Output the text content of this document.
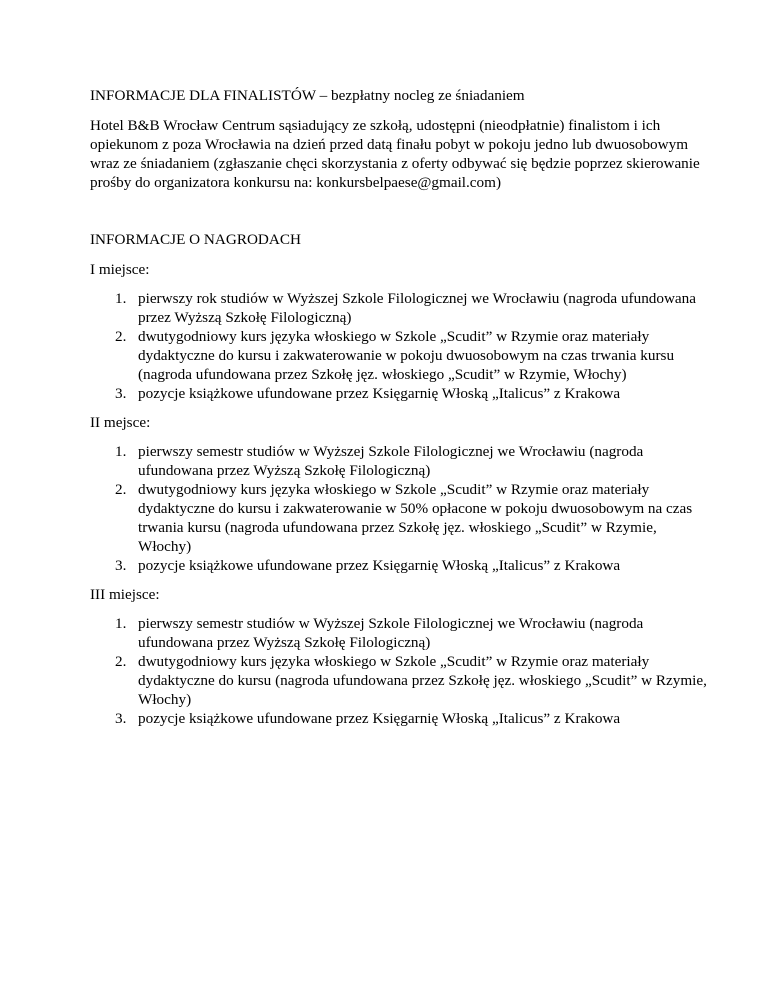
INFORMACJE DLA FINALISTÓW – bezpłatny nocleg ze śniadaniem

Hotel B&B Wrocław Centrum sąsiadujący ze szkołą, udostępni (nieodpłatnie) finalistom i ich opiekunom z poza Wrocławia na dzień przed datą finału pobyt w pokoju jedno lub dwuosobowym wraz ze śniadaniem (zgłaszanie chęci skorzystania z oferty odbywać się będzie poprzez skierowanie prośby do organizatora konkursu na: konkursbelpaese@gmail.com)

INFORMACJE O NAGRODACH

I miejsce:

1. pierwszy rok studiów w Wyższej Szkole Filologicznej we Wrocławiu (nagroda ufundowana przez Wyższą Szkołę Filologiczną)
2. dwutygodniowy kurs języka włoskiego w Szkole „Scudit” w Rzymie oraz materiały dydaktyczne do kursu i zakwaterowanie w pokoju dwuosobowym na czas trwania kursu (nagroda ufundowana przez Szkołę jęz. włoskiego „Scudit” w Rzymie, Włochy)
3. pozycje książkowe ufundowane przez Księgarnię Włoską „Italicus” z Krakowa

II mejsce:

1. pierwszy semestr studiów w Wyższej Szkole Filologicznej we Wrocławiu (nagroda ufundowana przez Wyższą Szkołę Filologiczną)
2. dwutygodniowy kurs języka włoskiego w Szkole „Scudit” w Rzymie oraz materiały dydaktyczne do kursu i zakwaterowanie w 50% opłacone w pokoju dwuosobowym na czas trwania kursu (nagroda ufundowana przez Szkołę jęz. włoskiego „Scudit” w Rzymie, Włochy)
3. pozycje książkowe ufundowane przez Księgarnię Włoską „Italicus” z Krakowa

III miejsce:

1. pierwszy semestr studiów w Wyższej Szkole Filologicznej we Wrocławiu (nagroda ufundowana przez Wyższą Szkołę Filologiczną)
2. dwutygodniowy kurs języka włoskiego w Szkole „Scudit” w Rzymie oraz materiały dydaktyczne do kursu (nagroda ufundowana przez Szkołę jęz. włoskiego „Scudit” w Rzymie, Włochy)
3. pozycje książkowe ufundowane przez Księgarnię Włoską „Italicus” z Krakowa
